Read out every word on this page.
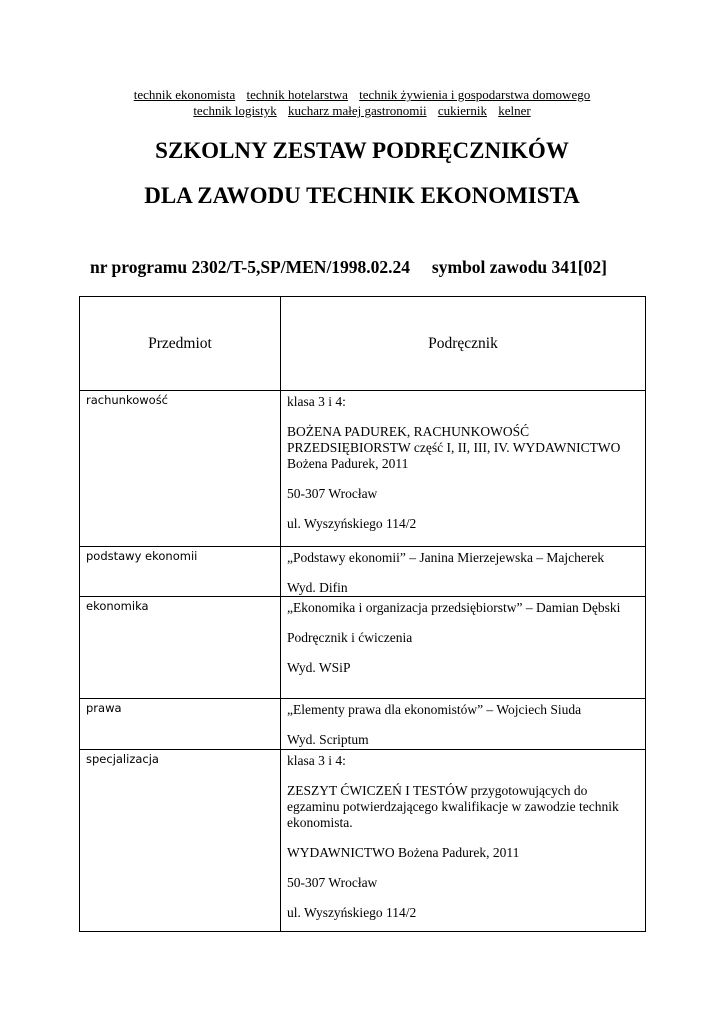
technik ekonomista technik hotelarstwa technik żywienia i gospodarstwa domowego
technik logistyk kucharz małej gastronomii cukiernik kelner
SZKOLNY ZESTAW PODRĘCZNIKÓW
DLA ZAWODU TECHNIK EKONOMISTA
nr programu 2302/T-5,SP/MEN/1998.02.24     symbol zawodu 341[02]
Przedmiot	Podręcznik
rachunkowość	klasa 3 i 4:

BOŻENA PADUREK, RACHUNKOWOŚĆ PRZEDSIĘBIORSTW część I, II, III, IV. WYDAWNICTWO Bożena Padurek, 2011

50-307 Wrocław

ul. Wyszyńskiego 114/2

podstawy ekonomii	„Podstawy ekonomii” – Janina Mierzejewska – Majcherek

Wyd. Difin

ekonomika	„Ekonomika i organizacja przedsiębiorstw” – Damian Dębski

Podręcznik i ćwiczenia

Wyd. WSiP

prawa	„Elementy prawa dla ekonomistów” – Wojciech Siuda

Wyd. Scriptum

specjalizacja	klasa 3 i 4:

ZESZYT ĆWICZEŃ I TESTÓW przygotowujących do egzaminu potwierdzającego kwalifikacje w zawodzie technik ekonomista.

WYDAWNICTWO Bożena Padurek, 2011

50-307 Wrocław

ul. Wyszyńskiego 114/2
